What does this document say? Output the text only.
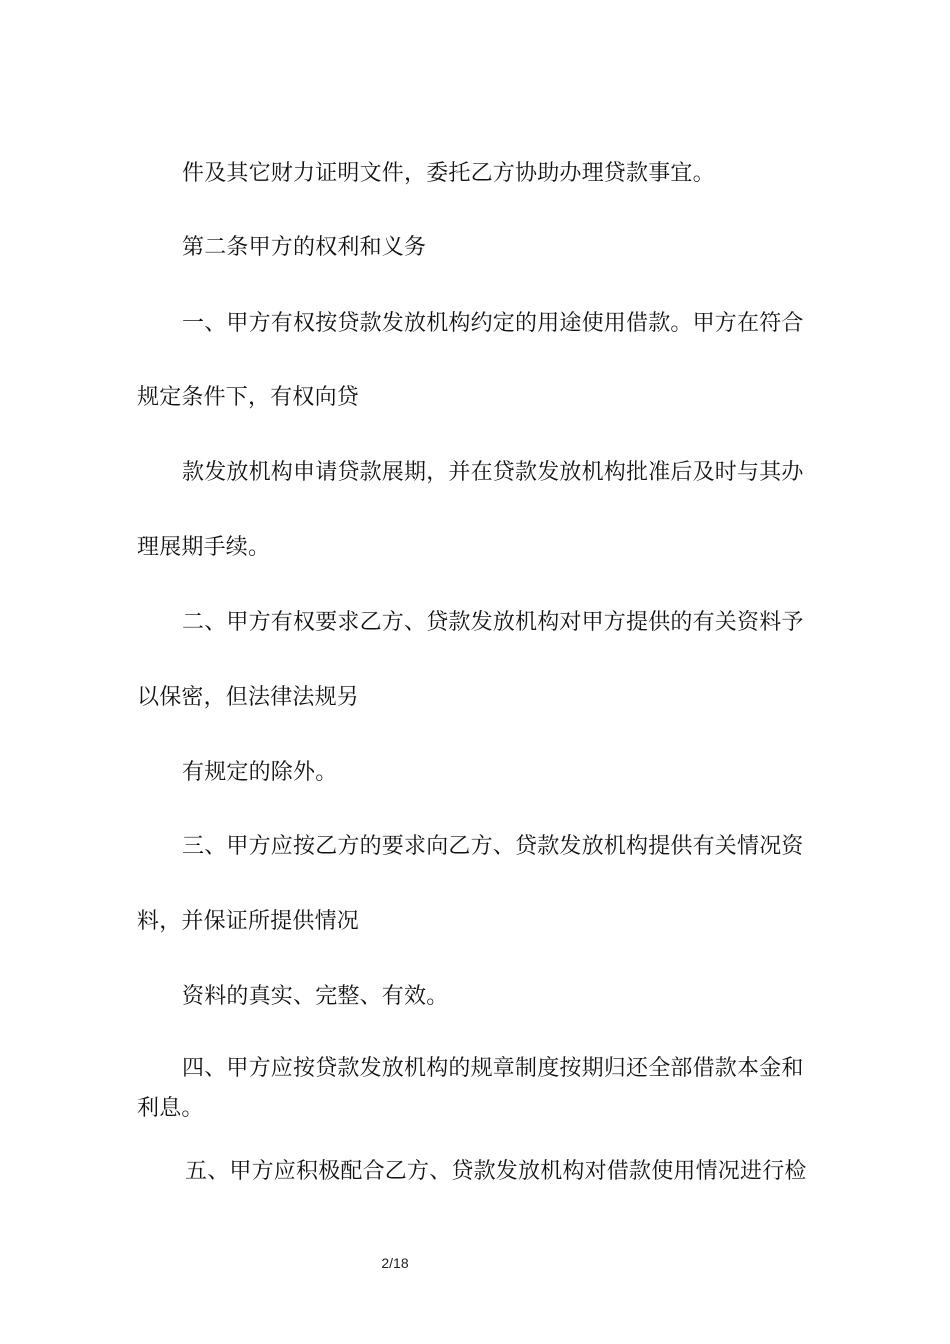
件及其它财力证明文件，委托乙方协助办理贷款事宜。
第二条甲方的权利和义务
一、甲方有权按贷款发放机构约定的用途使用借款。甲方在符合
规定条件下，有权向贷
款发放机构申请贷款展期，并在贷款发放机构批准后及时与其办
理展期手续。
二、甲方有权要求乙方、贷款发放机构对甲方提供的有关资料予
以保密，但法律法规另
有规定的除外。
三、甲方应按乙方的要求向乙方、贷款发放机构提供有关情况资
料，并保证所提供情况
资料的真实、完整、有效。
四、甲方应按贷款发放机构的规章制度按期归还全部借款本金和
利息。
五、甲方应积极配合乙方、贷款发放机构对借款使用情况进行检
2/18
